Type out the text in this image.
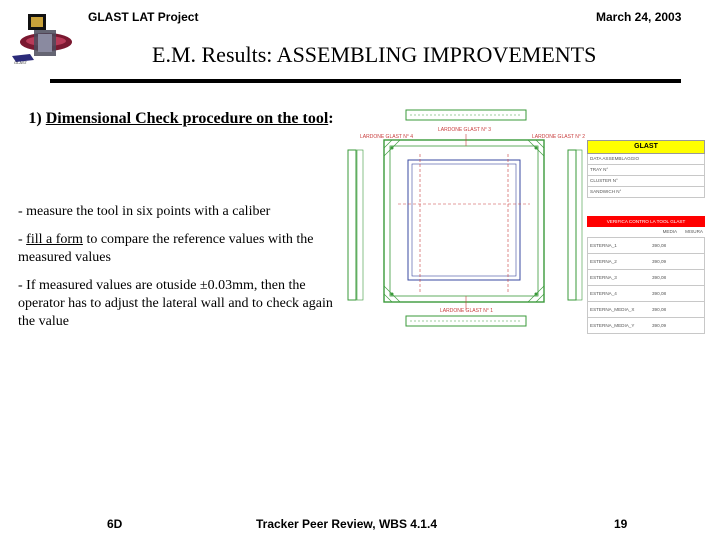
GLAST
GLAST LAT Project	March 24, 2003
E.M. Results: ASSEMBLING IMPROVEMENTS
1) Dimensional Check procedure on the tool:
- measure the tool in six points with a caliber
- fill a form to compare the reference values with the measured values
- If measured values are otuside ±0.03mm, then the operator has to adjust the lateral wall and to check again the value
LARDONE GLAST N° 3
LARDONE GLAST N° 4	LARDONE GLAST N° 2
LARDONE GLAST N° 1
GLAST
DATA ASSEMBLAGGIO
TRAY N°
CLUSTER N°
SANDWICH N°
VERIFICA CONTRO LA TOOL GLAST
MEDIA	MISURA
ESTERNA_1	390,08
ESTERNA_2	390,09
ESTERNA_3	390,08
ESTERNA_4	390,08
ESTERNA_MEDIA_X	390,08
ESTERNA_MEDIA_Y	390,09
6D	Tracker Peer Review, WBS 4.1.4	19
